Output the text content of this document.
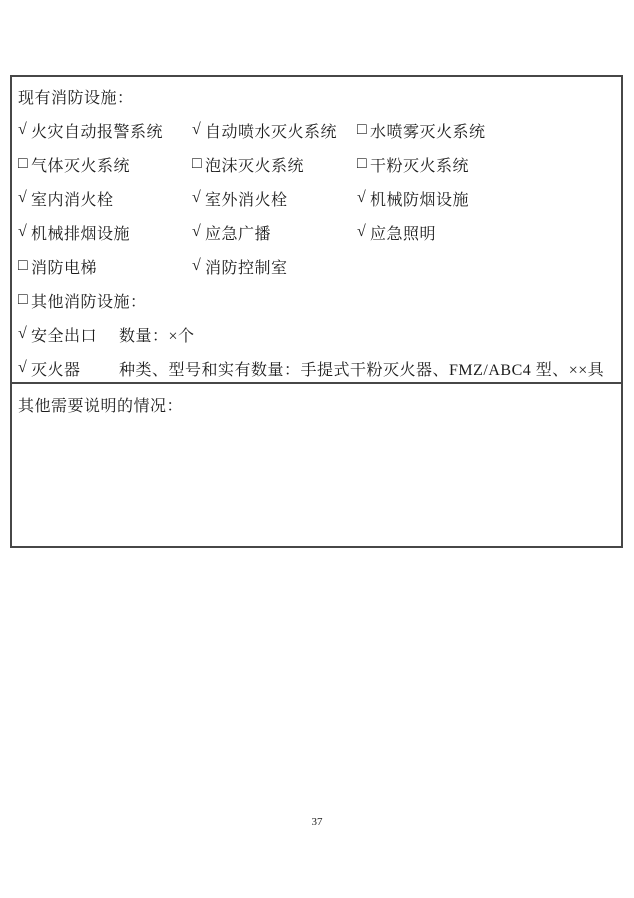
现有消防设施：
√ 火灾自动报警系统 √ 自动喷水灭火系统 □ 水喷雾灭火系统
□ 气体灭火系统	□ 泡沫灭火系统	□ 干粉灭火系统
√ 室内消火栓	√ 室外消火栓	√ 机械防烟设施
√ 机械排烟设施	√ 应急广播	√ 应急照明
□ 消防电梯	√ 消防控制室
□ 其他消防设施：
√ 安全出口 数量：×个
√ 灭火器 种类、型号和实有数量：手提式干粉灭火器、FMZ/ABC4 型、××具
其他需要说明的情况：
37
